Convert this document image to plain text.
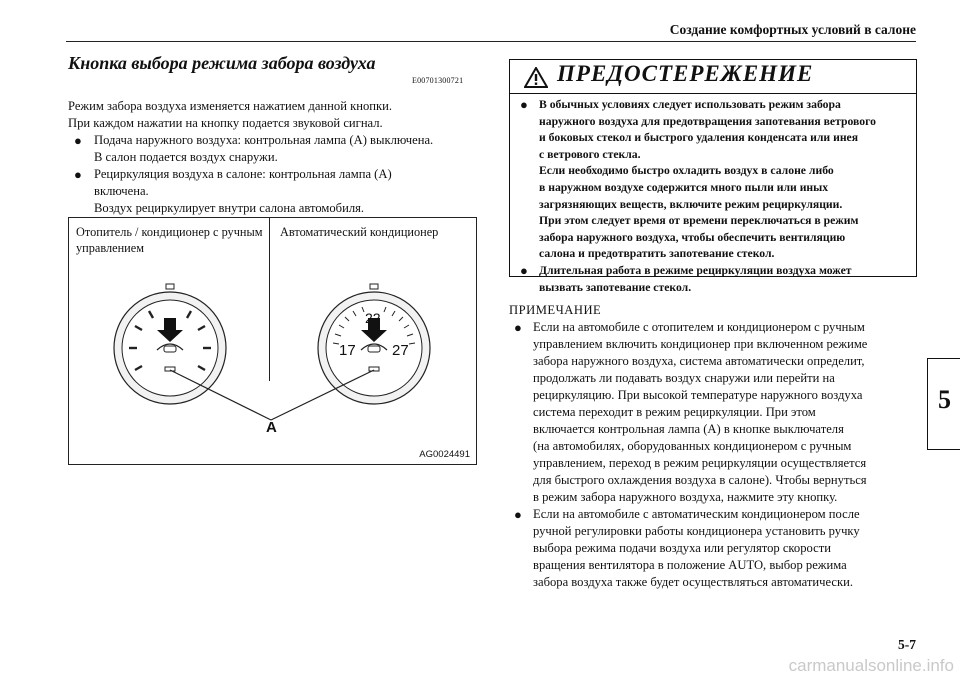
Создание комфортных условий в салоне
Кнопка выбора режима забора воздуха
E00701300721
Режим забора воздуха изменяется нажатием данной кнопки.
При каждом нажатии на кнопку подается звуковой сигнал.
● Подача наружного воздуха: контрольная лампа (A) выключена.
В салон подается воздух снаружи.
● Рециркуляция воздуха в салоне: контрольная лампа (A)
включена.
Воздух рециркулирует внутри салона автомобиля.
Отопитель / кондиционер с ручным управлением
Автоматический кондиционер
17
22
27
A
AG0024491
ПРЕДОСТЕРЕЖЕНИЕ
● В обычных условиях следует использовать режим забора
наружного воздуха для предотвращения запотевания ветрового
и боковых стекол и быстрого удаления конденсата или инея
с ветрового стекла.
Если необходимо быстро охладить воздух в салоне либо
в наружном воздухе содержится много пыли или иных
загрязняющих веществ, включите режим рециркуляции.
При этом следует время от времени переключаться в режим
забора наружного воздуха, чтобы обеспечить вентиляцию
салона и предотвратить запотевание стекол.
● Длительная работа в режиме рециркуляции воздуха может
вызвать запотевание стекол.
ПРИМЕЧАНИЕ
● Если на автомобиле с отопителем и кондиционером с ручным
управлением включить кондиционер при включенном режиме
забора наружного воздуха, система автоматически определит,
продолжать ли подавать воздух снаружи или перейти на
рециркуляцию. При высокой температуре наружного воздуха
система переходит в режим рециркуляции. При этом
включается контрольная лампа (A) в кнопке выключателя
(на автомобилях, оборудованных кондиционером с ручным
управлением, переход в режим рециркуляции осуществляется
для быстрого охлаждения воздуха в салоне). Чтобы вернуться
в режим забора наружного воздуха, нажмите эту кнопку.
● Если на автомобиле с автоматическим кондиционером после
ручной регулировки работы кондиционера установить ручку
выбора режима подачи воздуха или регулятор скорости
вращения вентилятора в положение AUTO, выбор режима
забора воздуха также будет осуществляться автоматически.
5
5-7
carmanualsonline.info
